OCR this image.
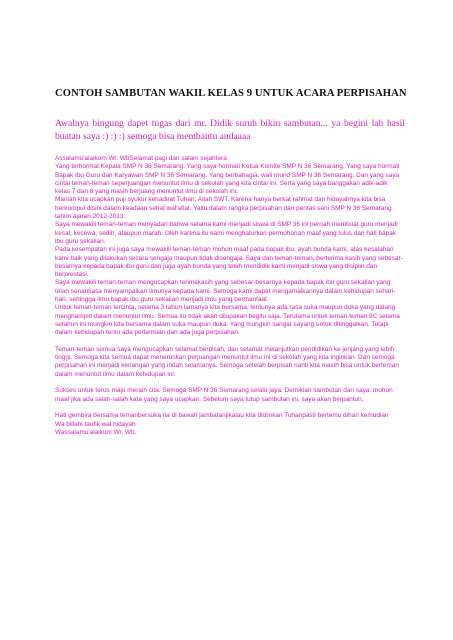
CONTOH SAMBUTAN WAKIL KELAS 9 UNTUK ACARA PERPISAHAN
Awalnya bingung dapet tugas dari mr. Didik suruh bikin sambutan... ya begini lah hasil buatan saya :) :) :) semoga bisa membantu andaaaa

Assalamu'alaikum Wr. WbSelamat pagi dan salam sejahtera
Yang terhormat Kepala SMP N 36 Semarang. Yang saya hormati Ketua Komite SMP N 36 Semarang. Yang saya hormati Bapak Ibu Guru dan Karyawan SMP N 36 Semarang. Yang berbahagia, wali murid SMP N 36 Semarang. Dan yang saya cintai teman-teman seperjuangan menuntut ilmu di sekolah yang kita cintai ini. Serta yang saya banggakan adik-adik kelas 7 dan 8 yang masih berjuang menuntut ilmu di sekolah ini.
Marilah kita ucapkan puji syukur kehadirat Tuhan, Allah SWT. Karena hanya berkat rahmat dan hidayahnya kita bisa berkumpul disini dalam keadaan sehat wal'afiat. Yaitu dalam rangka perpisahan dan pentas seni SMP N 36 Semarang tahun ajaran 2012-2013.
Saya mewakili teman-teman menyadari bahwa selama kami menjadi siswa di SMP 36 ini pernah membuat guru menjadi kesal, kecewa, sedih, ataupun marah. Oleh karena itu kami menghaturkan permohonan maaf yang tulus dari hati bapak ibu guru sekalian.
Pada kesempatan ini juga saya mewakili teman-teman mohon maaf pada bapak ibu, ayah bunda kami, atas kesalahan kami baik yang dilakukan secara sengaja maupun tidak disengaja. Saya dan teman-teman, berterima kasih yang sebesar-besarnya kepada bapak ibu guru dan juga ayah bunda yang telah mendidik kami menjadi siswa yang disiplin dan berprestasi.
Saya mewakili teman-teman mengucapkan terimakasih yang sebesar-besarnya kepada bapak ibu guru sekalian yang telah senantiasa menyampaikan ilmunya kepada kami. Semoga kami dapat mengamalkannya dalam kehidupan sehari-hari, sehingga ilmu bapak ibu guru sekalian menjadi ilmu yang bermanfaat.
Untuk teman-teman tercinta, selama 3 tahun lamanya kita bersama, tentunya ada rasa suka maupun duka yang datang menghampiri dalam menuntut ilmu. Semua itu tidak akan dilupakan begitu saja. Terutama untuk teman-teman 9C selama setahun ini mungkin kita bersama dalam suka maupun duka. Yang mungkin sangat sayang untuk ditinggalkan. Tetapi dalam kehidupan tentu ada pertemuan dan ada juga perpisahan.

Teman-teman semua saya mengucapkan selamat berpisah, dan selamat melanjutkan pendidikan ke jenjang yang lebih tinggi. Semoga kita semua dapat meneruskan perjuangan menuntut ilmu ini di sekolah yang kita inginkan. Dan semoga perpisahan ini menjadi kenangan yang indah selamanya. Semoga setelah berpisah nanti kita masih bisa untuk berteman dalam menuntut ilmu dalam kehidupan ini.

Sukses untuk terus maju meraih cita. Semoga SMP N 36 Semarang selalu jaya. Demikian sambutan dari saya, mohon maaf jika ada salah-salah kata yang saya ucapkan. Sebelum saya tutup sambutan ini, saya akan berpantun,

Hati gembira bersama temanbersuka ria di bawah jambatanjikalau kita diizinkan Tuhanpasti bertemu dihari kemudian
Wa billahi taufik wal hidayah
Wassalamu'alaikum Wr. Wb.
